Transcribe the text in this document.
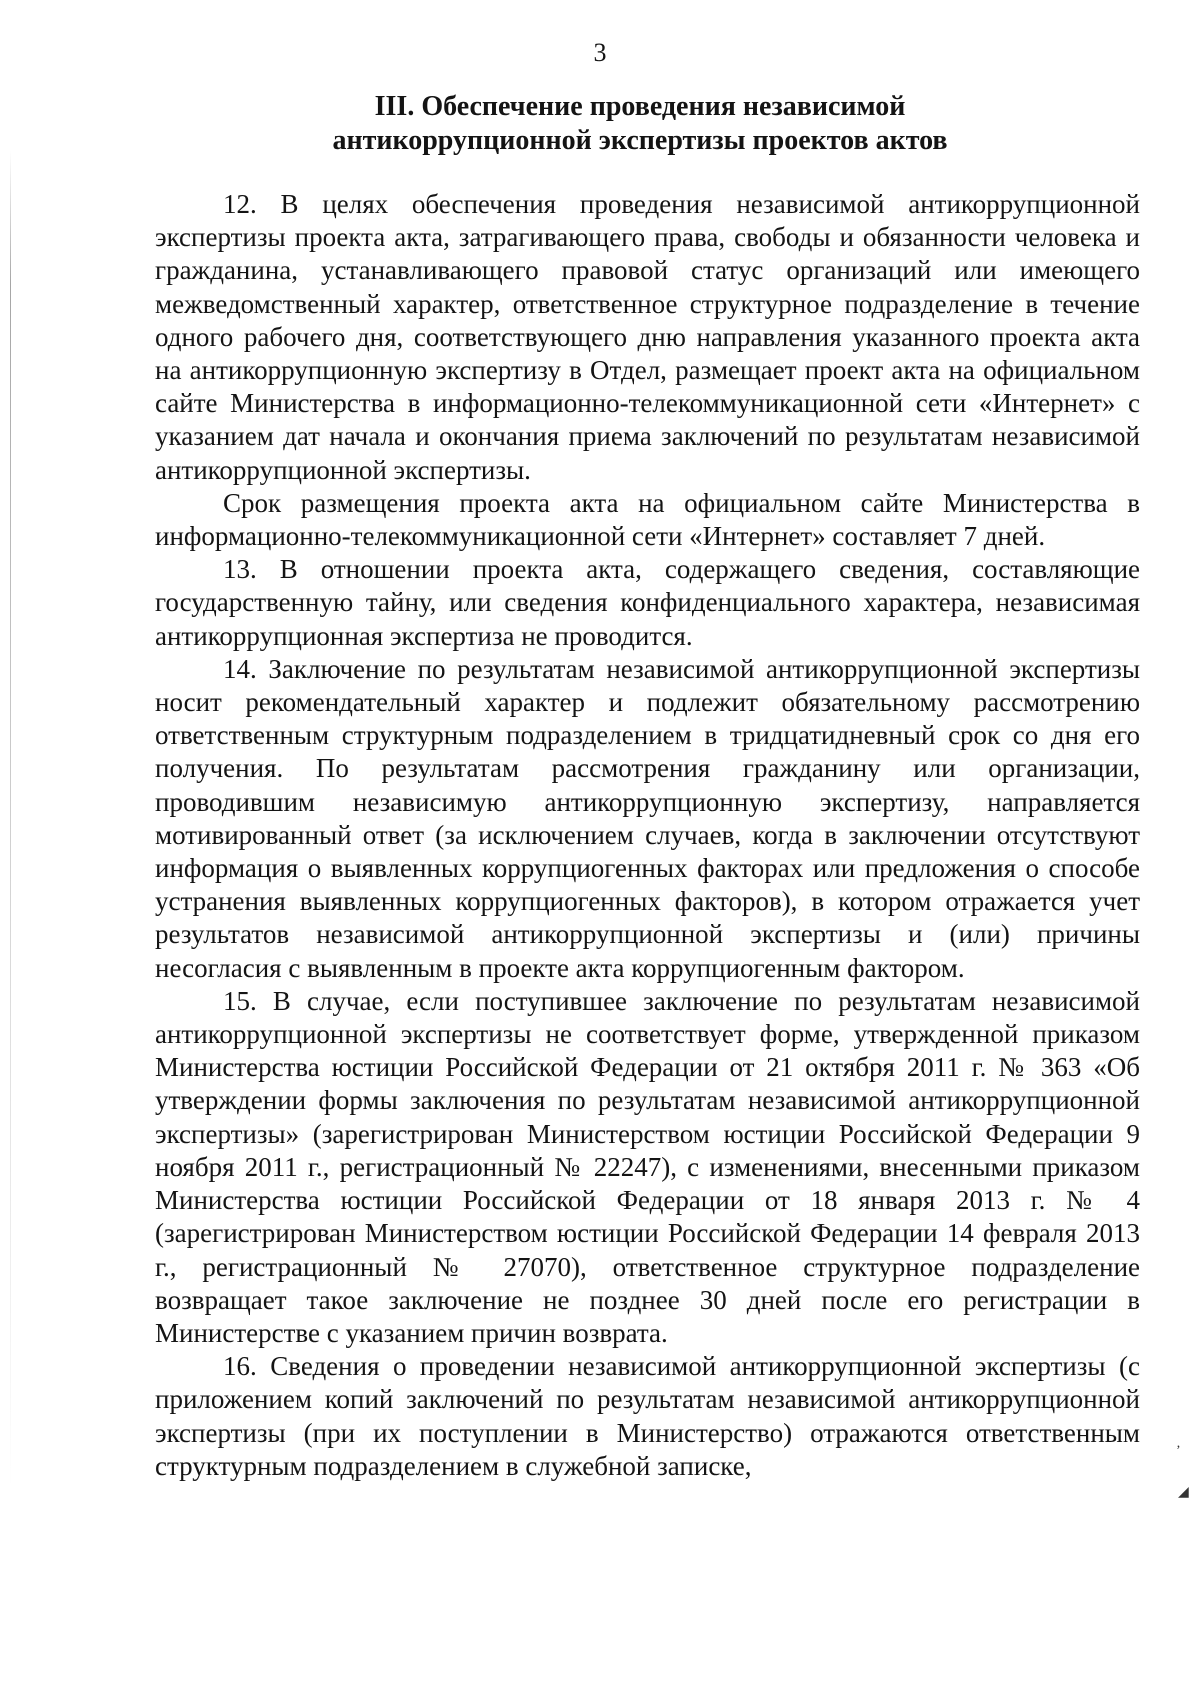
3
III. Обеспечение проведения независимой
антикоррупционной экспертизы проектов актов

12. В целях обеспечения проведения независимой антикоррупционной экспертизы проекта акта, затрагивающего права, свободы и обязанности человека и гражданина, устанавливающего правовой статус организаций или имеющего межведомственный характер, ответственное структурное подразделение в течение одного рабочего дня, соответствующего дню направления указанного проекта акта на антикоррупционную экспертизу в Отдел, размещает проект акта на официальном сайте Министерства в информационно-телекоммуникационной сети «Интернет» с указанием дат начала и окончания приема заключений по результатам независимой антикоррупционной экспертизы.

Срок размещения проекта акта на официальном сайте Министерства в информационно-телекоммуникационной сети «Интернет» составляет 7 дней.

13. В отношении проекта акта, содержащего сведения, составляющие государственную тайну, или сведения конфиденциального характера, независимая антикоррупционная экспертиза не проводится.

14. Заключение по результатам независимой антикоррупционной экспертизы носит рекомендательный характер и подлежит обязательному рассмотрению ответственным структурным подразделением в тридцатидневный срок со дня его получения. По результатам рассмотрения гражданину или организации, проводившим независимую антикоррупционную экспертизу, направляется мотивированный ответ (за исключением случаев, когда в заключении отсутствуют информация о выявленных коррупциогенных факторах или предложения о способе устранения выявленных коррупциогенных факторов), в котором отражается учет результатов независимой антикоррупционной экспертизы и (или) причины несогласия с выявленным в проекте акта коррупциогенным фактором.

15. В случае, если поступившее заключение по результатам независимой антикоррупционной экспертизы не соответствует форме, утвержденной приказом Министерства юстиции Российской Федерации от 21 октября 2011 г. № 363 «Об утверждении формы заключения по результатам независимой антикоррупционной экспертизы» (зарегистрирован Министерством юстиции Российской Федерации 9 ноября 2011 г., регистрационный № 22247), с изменениями, внесенными приказом Министерства юстиции Российской Федерации от 18 января 2013 г. № 4 (зарегистрирован Министерством юстиции Российской Федерации 14 февраля 2013 г., регистрационный № 27070), ответственное структурное подразделение возвращает такое заключение не позднее 30 дней после его регистрации в Министерстве с указанием причин возврата.

16. Сведения о проведении независимой антикоррупционной экспертизы (с приложением копий заключений по результатам независимой антикоррупционной экспертизы (при их поступлении в Министерство) отражаются ответственным структурным подразделением в служебной записке,

‚
◢
